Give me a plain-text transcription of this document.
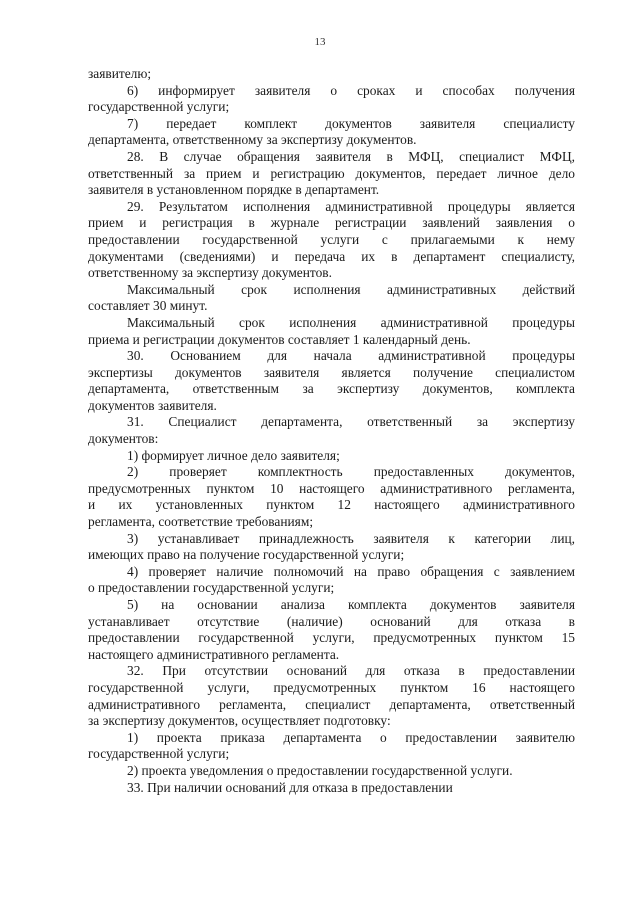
13
заявителю;
6) информирует заявителя о сроках и способах получения
государственной услуги;
7) передает комплект документов заявителя специалисту
департамента, ответственному за экспертизу документов.
28. В случае обращения заявителя в МФЦ, специалист МФЦ,
ответственный за прием и регистрацию документов, передает личное дело
заявителя в установленном порядке в департамент.
29. Результатом исполнения административной процедуры является
прием и регистрация в журнале регистрации заявлений заявления о
предоставлении государственной услуги с прилагаемыми к нему
документами (сведениями) и передача их в департамент специалисту,
ответственному за экспертизу документов.
Максимальный срок исполнения административных действий
составляет 30 минут.
Максимальный срок исполнения административной процедуры
приема и регистрации документов составляет 1 календарный день.
30. Основанием для начала административной процедуры
экспертизы документов заявителя является получение специалистом
департамента, ответственным за экспертизу документов, комплекта
документов заявителя.
31. Специалист департамента, ответственный за экспертизу
документов:
1) формирует личное дело заявителя;
2) проверяет комплектность предоставленных документов,
предусмотренных пунктом 10 настоящего административного регламента,
и их установленных пунктом 12 настоящего административного
регламента, соответствие требованиям;
3) устанавливает принадлежность заявителя к категории лиц,
имеющих право на получение государственной услуги;
4) проверяет наличие полномочий на право обращения с заявлением
о предоставлении государственной услуги;
5) на основании анализа комплекта документов заявителя
устанавливает отсутствие (наличие) оснований для отказа в
предоставлении государственной услуги, предусмотренных пунктом 15
настоящего административного регламента.
32. При отсутствии оснований для отказа в предоставлении
государственной услуги, предусмотренных пунктом 16 настоящего
административного регламента, специалист департамента, ответственный
за экспертизу документов, осуществляет подготовку:
1) проекта приказа департамента о предоставлении заявителю
государственной услуги;
2) проекта уведомления о предоставлении государственной услуги.
33. При наличии оснований для отказа в предоставлении
